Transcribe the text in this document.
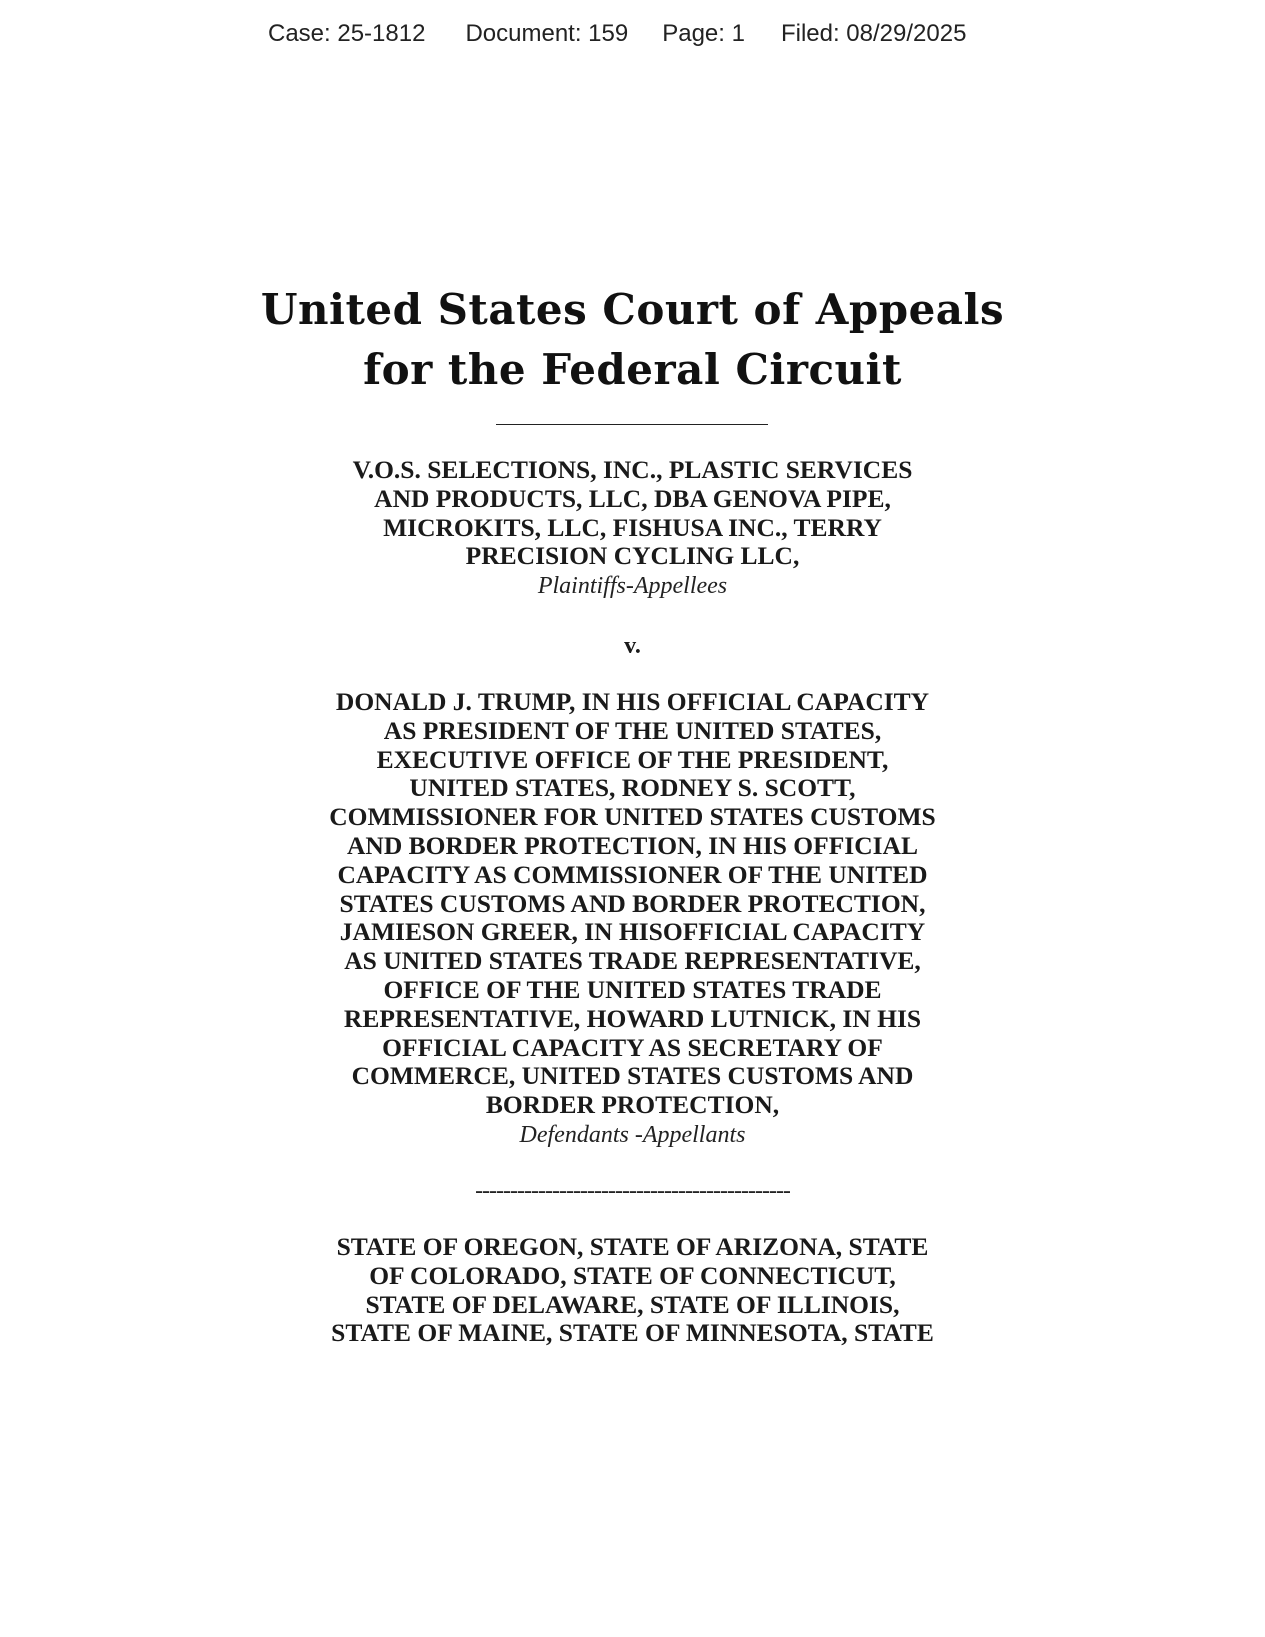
Case: 25-1812 Document: 159 Page: 1 Filed: 08/29/2025
United States Court of Appeals
for the Federal Circuit
V.O.S. SELECTIONS, INC., PLASTIC SERVICES
AND PRODUCTS, LLC, DBA GENOVA PIPE,
MICROKITS, LLC, FISHUSA INC., TERRY
PRECISION CYCLING LLC,
Plaintiffs-Appellees
v.
DONALD J. TRUMP, IN HIS OFFICIAL CAPACITY
AS PRESIDENT OF THE UNITED STATES,
EXECUTIVE OFFICE OF THE PRESIDENT,
UNITED STATES, RODNEY S. SCOTT,
COMMISSIONER FOR UNITED STATES CUSTOMS
AND BORDER PROTECTION, IN HIS OFFICIAL
CAPACITY AS COMMISSIONER OF THE UNITED
STATES CUSTOMS AND BORDER PROTECTION,
JAMIESON GREER, IN HISOFFICIAL CAPACITY
AS UNITED STATES TRADE REPRESENTATIVE,
OFFICE OF THE UNITED STATES TRADE
REPRESENTATIVE, HOWARD LUTNICK, IN HIS
OFFICIAL CAPACITY AS SECRETARY OF
COMMERCE, UNITED STATES CUSTOMS AND
BORDER PROTECTION,
Defendants -Appellants
---------------------------------------------
STATE OF OREGON, STATE OF ARIZONA, STATE
OF COLORADO, STATE OF CONNECTICUT,
STATE OF DELAWARE, STATE OF ILLINOIS,
STATE OF MAINE, STATE OF MINNESOTA, STATE
